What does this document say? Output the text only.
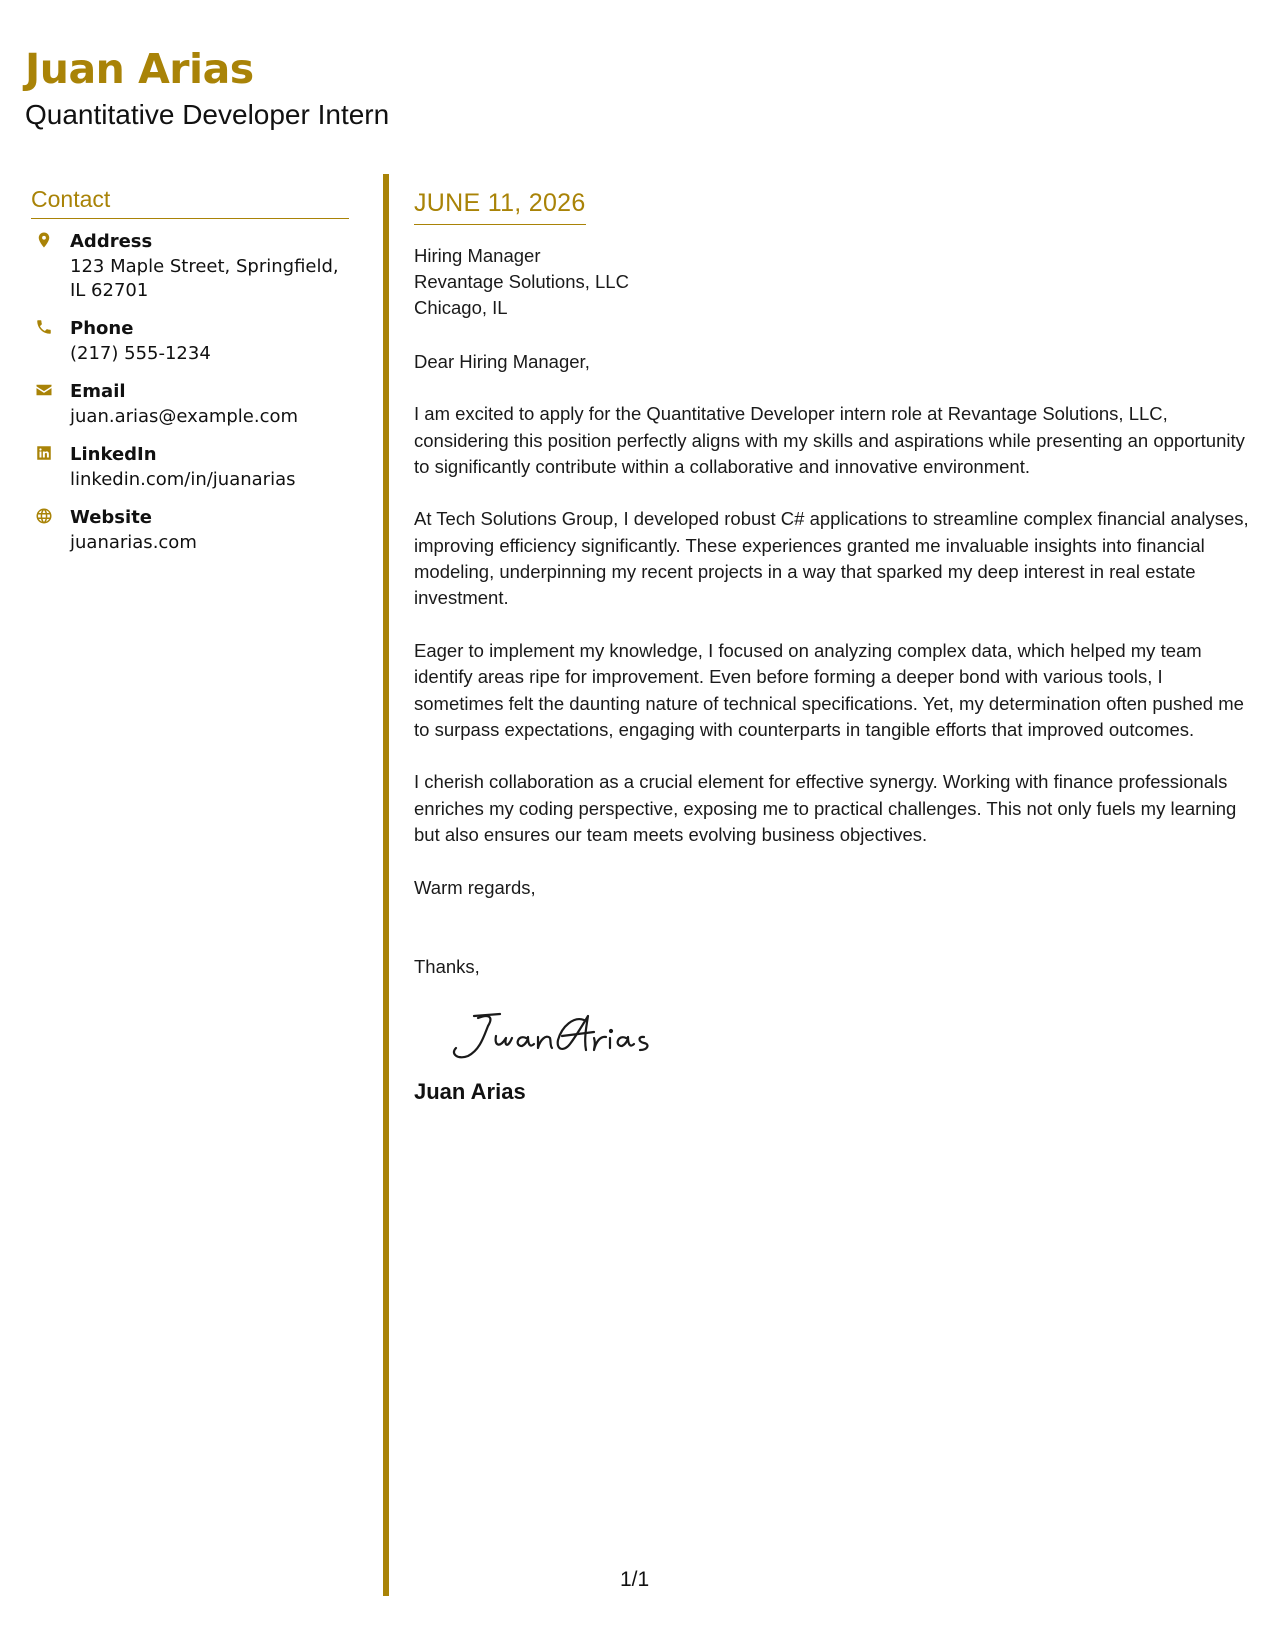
Juan Arias
Quantitative Developer Intern
Contact
Address
123 Maple Street, Springfield, IL 62701
Phone
(217) 555-1234
Email
juan.arias@example.com
LinkedIn
linkedin.com/in/juanarias
Website
juanarias.com
JUNE 11, 2026
Hiring Manager
Revantage Solutions, LLC
Chicago, IL

Dear Hiring Manager,

I am excited to apply for the Quantitative Developer intern role at Revantage Solutions, LLC, considering this position perfectly aligns with my skills and aspirations while presenting an opportunity to significantly contribute within a collaborative and innovative environment.

At Tech Solutions Group, I developed robust C# applications to streamline complex financial analyses, improving efficiency significantly. These experiences granted me invaluable insights into financial modeling, underpinning my recent projects in a way that sparked my deep interest in real estate investment.

Eager to implement my knowledge, I focused on analyzing complex data, which helped my team identify areas ripe for improvement. Even before forming a deeper bond with various tools, I sometimes felt the daunting nature of technical specifications. Yet, my determination often pushed me to surpass expectations, engaging with counterparts in tangible efforts that improved outcomes.

I cherish collaboration as a crucial element for effective synergy. Working with finance professionals enriches my coding perspective, exposing me to practical challenges. This not only fuels my learning but also ensures our team meets evolving business objectives.

Warm regards,

Thanks,

Juan Arias
1/1
